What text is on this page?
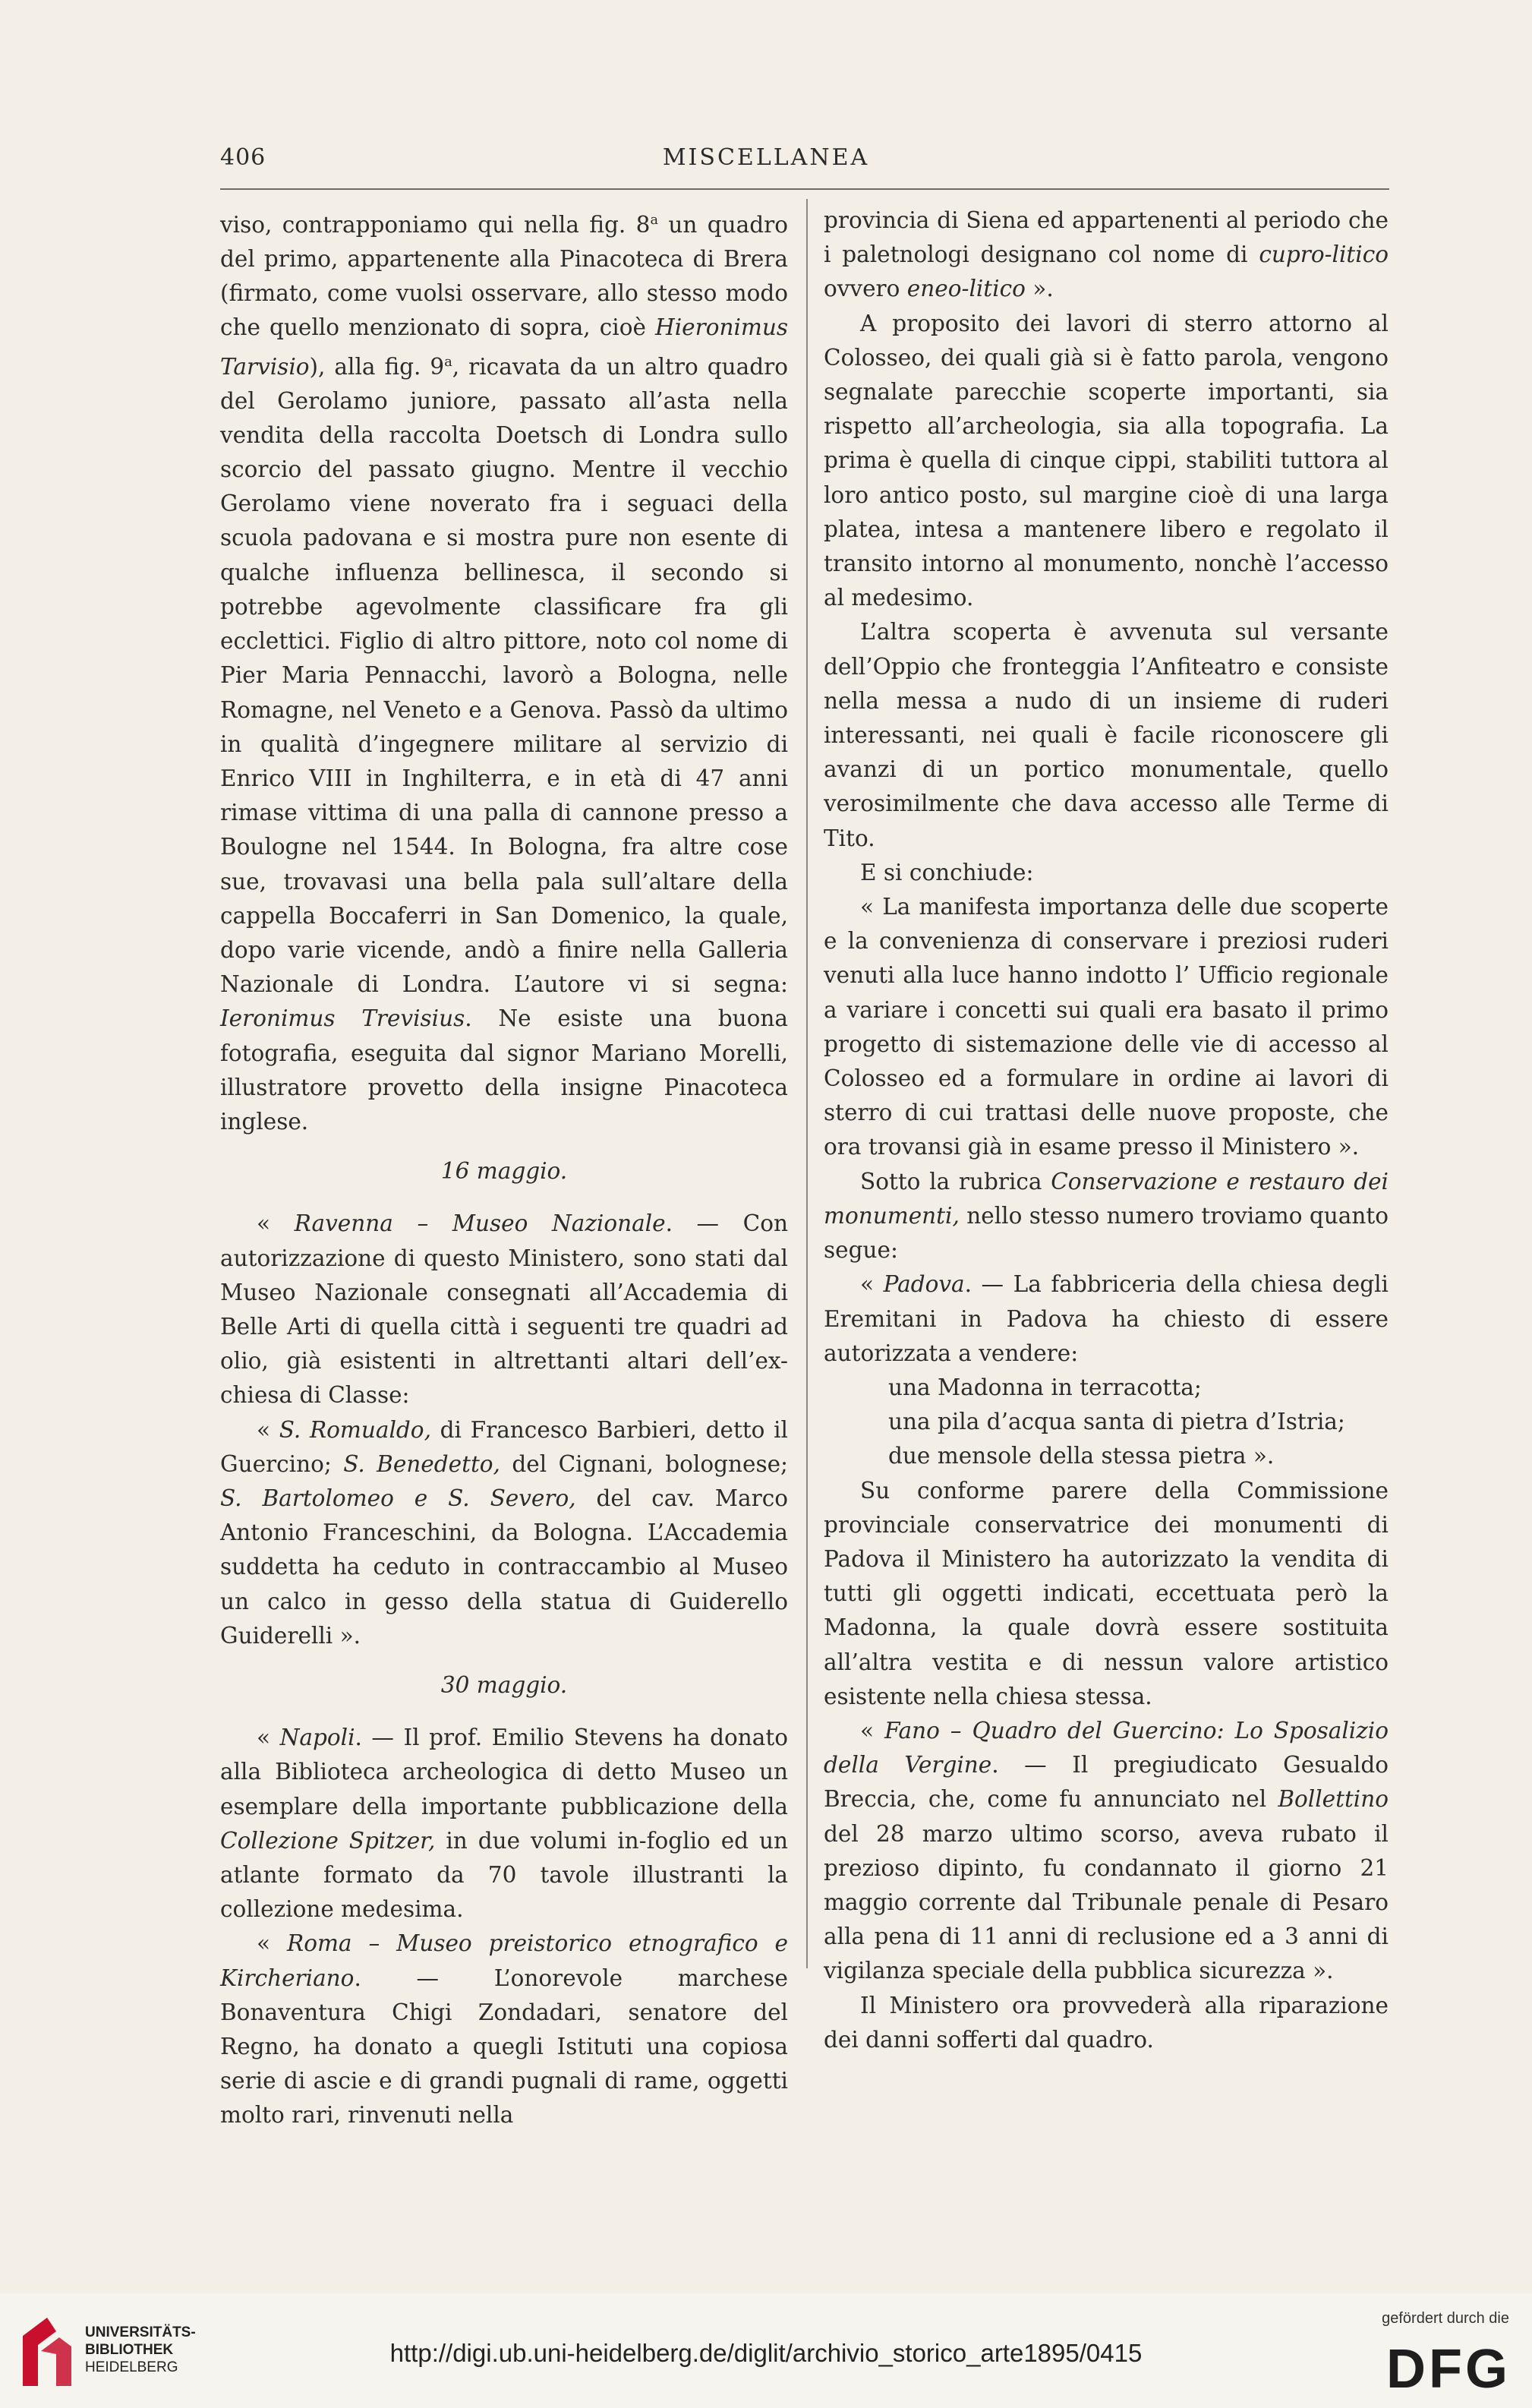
406	MISCELLANEA

viso, contrapponiamo qui nella fig. 8$^a$ un quadro del primo, appartenente alla Pinacoteca di Brera (firmato, come vuolsi osservare, allo stesso modo che quello menzionato di sopra, cioè Hieronimus Tarvisio), alla fig. 9$^a$, ricavata da un altro quadro del Gerolamo juniore, passato all’asta nella vendita della raccolta Doetsch di Londra sullo scorcio del passato giugno. Mentre il vecchio Gerolamo viene noverato fra i seguaci della scuola padovana e si mostra pure non esente di qualche influenza bellinesca, il secondo si potrebbe agevolmente classificare fra gli ecclettici. Figlio di altro pittore, noto col nome di Pier Maria Pennacchi, lavorò a Bologna, nelle Romagne, nel Veneto e a Genova. Passò da ultimo in qualità d’ingegnere militare al servizio di Enrico VIII in Inghilterra, e in età di 47 anni rimase vittima di una palla di cannone presso a Boulogne nel 1544. In Bologna, fra altre cose sue, trovavasi una bella pala sull’altare della cappella Boccaferri in San Domenico, la quale, dopo varie vicende, andò a finire nella Galleria Nazionale di Londra. L’autore vi si segna: Ieronimus Trevisius. Ne esiste una buona fotografia, eseguita dal signor Mariano Morelli, illustratore provetto della insigne Pinacoteca inglese.

16 maggio.

« Ravenna – Museo Nazionale. — Con autorizzazione di questo Ministero, sono stati dal Museo Nazionale consegnati all’Accademia di Belle Arti di quella città i seguenti tre quadri ad olio, già esistenti in altrettanti altari dell’ex-chiesa di Classe:

« S. Romualdo, di Francesco Barbieri, detto il Guercino; S. Benedetto, del Cignani, bolognese; S. Bartolomeo e S. Severo, del cav. Marco Antonio Franceschini, da Bologna. L’Accademia suddetta ha ceduto in contraccambio al Museo un calco in gesso della statua di Guiderello Guiderelli ».

30 maggio.

« Napoli. — Il prof. Emilio Stevens ha donato alla Biblioteca archeologica di detto Museo un esemplare della importante pubblicazione della Collezione Spitzer, in due volumi in-foglio ed un atlante formato da 70 tavole illustranti la collezione medesima.

« Roma – Museo preistorico etnografico e Kircheriano. — L’onorevole marchese Bonaventura Chigi Zondadari, senatore del Regno, ha donato a quegli Istituti una copiosa serie di ascie e di grandi pugnali di rame, oggetti molto rari, rinvenuti nella

provincia di Siena ed appartenenti al periodo che i paletnologi designano col nome di cupro-litico ovvero eneo-litico ».

A proposito dei lavori di sterro attorno al Colosseo, dei quali già si è fatto parola, vengono segnalate parecchie scoperte importanti, sia rispetto all’archeologia, sia alla topografia. La prima è quella di cinque cippi, stabiliti tuttora al loro antico posto, sul margine cioè di una larga platea, intesa a mantenere libero e regolato il transito intorno al monumento, nonchè l’accesso al medesimo.

L’altra scoperta è avvenuta sul versante dell’Oppio che fronteggia l’Anfiteatro e consiste nella messa a nudo di un insieme di ruderi interessanti, nei quali è facile riconoscere gli avanzi di un portico monumentale, quello verosimilmente che dava accesso alle Terme di Tito.

E si conchiude:

« La manifesta importanza delle due scoperte e la convenienza di conservare i preziosi ruderi venuti alla luce hanno indotto l’ Ufficio regionale a variare i concetti sui quali era basato il primo progetto di sistemazione delle vie di accesso al Colosseo ed a formulare in ordine ai lavori di sterro di cui trattasi delle nuove proposte, che ora trovansi già in esame presso il Ministero ».

Sotto la rubrica Conservazione e restauro dei monumenti, nello stesso numero troviamo quanto segue:

« Padova. — La fabbriceria della chiesa degli Eremitani in Padova ha chiesto di essere autorizzata a vendere:

una Madonna in terracotta;

una pila d’acqua santa di pietra d’Istria;

due mensole della stessa pietra ».

Su conforme parere della Commissione provinciale conservatrice dei monumenti di Padova il Ministero ha autorizzato la vendita di tutti gli oggetti indicati, eccettuata però la Madonna, la quale dovrà essere sostituita all’altra vestita e di nessun valore artistico esistente nella chiesa stessa.

« Fano – Quadro del Guercino: Lo Sposalizio della Vergine. — Il pregiudicato Gesualdo Breccia, che, come fu annunciato nel Bollettino del 28 marzo ultimo scorso, aveva rubato il prezioso dipinto, fu condannato il giorno 21 maggio corrente dal Tribunale penale di Pesaro alla pena di 11 anni di reclusione ed a 3 anni di vigilanza speciale della pubblica sicurezza ».

Il Ministero ora provvederà alla riparazione dei danni sofferti dal quadro.

UNIVERSITÄTS-
BIBLIOTHEK
HEIDELBERG
http://digi.ub.uni-heidelberg.de/diglit/archivio_storico_arte1895/0415
gefördert durch die
DFG
